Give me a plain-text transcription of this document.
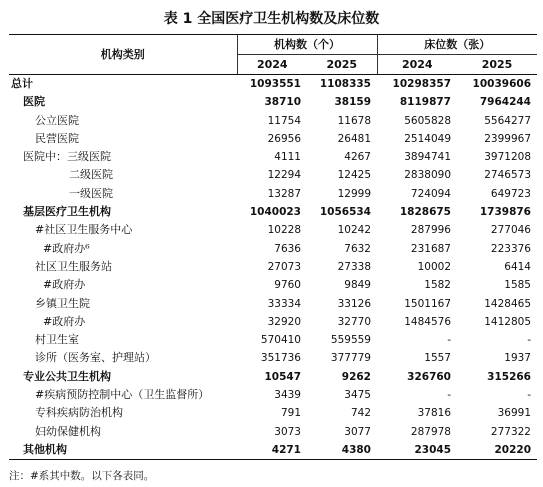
表 1 全国医疗卫生机构数及床位数
机构类别	机构数（个）		床位数（张）	
	2024	2025	2024	2025
总计	1093551	1108335	10298357	10039606
医院	38710	38159	8119877	7964244
公立医院	11754	11678	5605828	5564277
民营医院	26956	26481	2514049	2399967
医院中：三级医院	4111	4267	3894741	3971208
二级医院	12294	12425	2838090	2746573
一级医院	13287	12999	724094	649723
基层医疗卫生机构	1040023	1056534	1828675	1739876
#社区卫生服务中心	10228	10242	287996	277046
#政府办⁶	7636	7632	231687	223376
社区卫生服务站	27073	27338	10002	6414
#政府办	9760	9849	1582	1585
乡镇卫生院	33334	33126	1501167	1428465
#政府办	32920	32770	1484576	1412805
村卫生室	570410	559559	-	-
诊所（医务室、护理站）	351736	377779	1557	1937
专业公共卫生机构	10547	9262	326760	315266
#疾病预防控制中心（卫生监督所）	3439	3475	-	-
专科疾病防治机构	791	742	37816	36991
妇幼保健机构	3073	3077	287978	277322
其他机构	4271	4380	23045	20220
注：#系其中数。以下各表同。
